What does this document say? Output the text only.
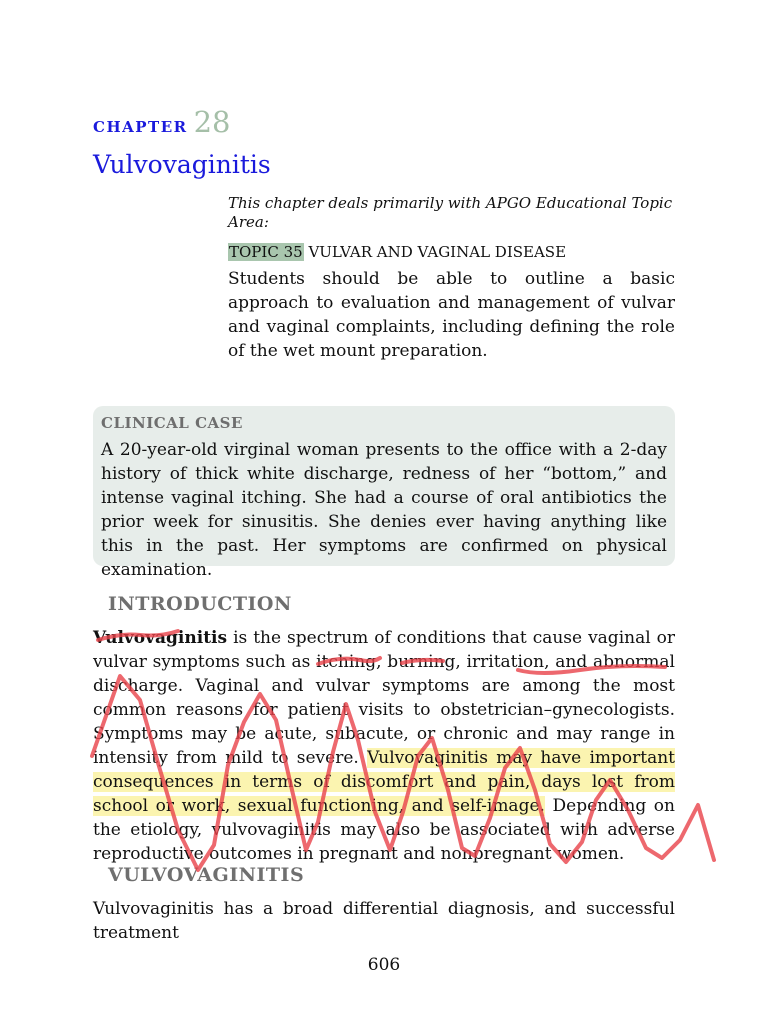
CHAPTER 28
Vulvovaginitis

This chapter deals primarily with APGO Educational Topic Area:

TOPIC 35 VULVAR AND VAGINAL DISEASE
Students should be able to outline a basic approach to evaluation and management of vulvar and vaginal complaints, including defining the role of the wet mount preparation.
CLINICAL CASE
A 20-year-old virginal woman presents to the office with a 2-day history of thick white discharge, redness of her “bottom,” and intense vaginal itching. She had a course of oral antibiotics the prior week for sinusitis. She denies ever having anything like this in the past. Her symptoms are confirmed on physical examination.
INTRODUCTION

Vulvovaginitis is the spectrum of conditions that cause vaginal or vulvar symptoms such as itching, burning, irritation, and abnormal discharge. Vaginal and vulvar symptoms are among the most common reasons for patient visits to obstetrician–gynecologists. Symptoms may be acute, subacute, or chronic and may range in intensity from mild to severe. Vulvovaginitis may have important consequences in terms of discomfort and pain, days lost from school or work, sexual functioning, and self-image. Depending on the etiology, vulvovaginitis may also be associated with adverse reproductive outcomes in pregnant and nonpregnant women.

VULVOVAGINITIS

Vulvovaginitis has a broad differential diagnosis, and successful treatment

606
